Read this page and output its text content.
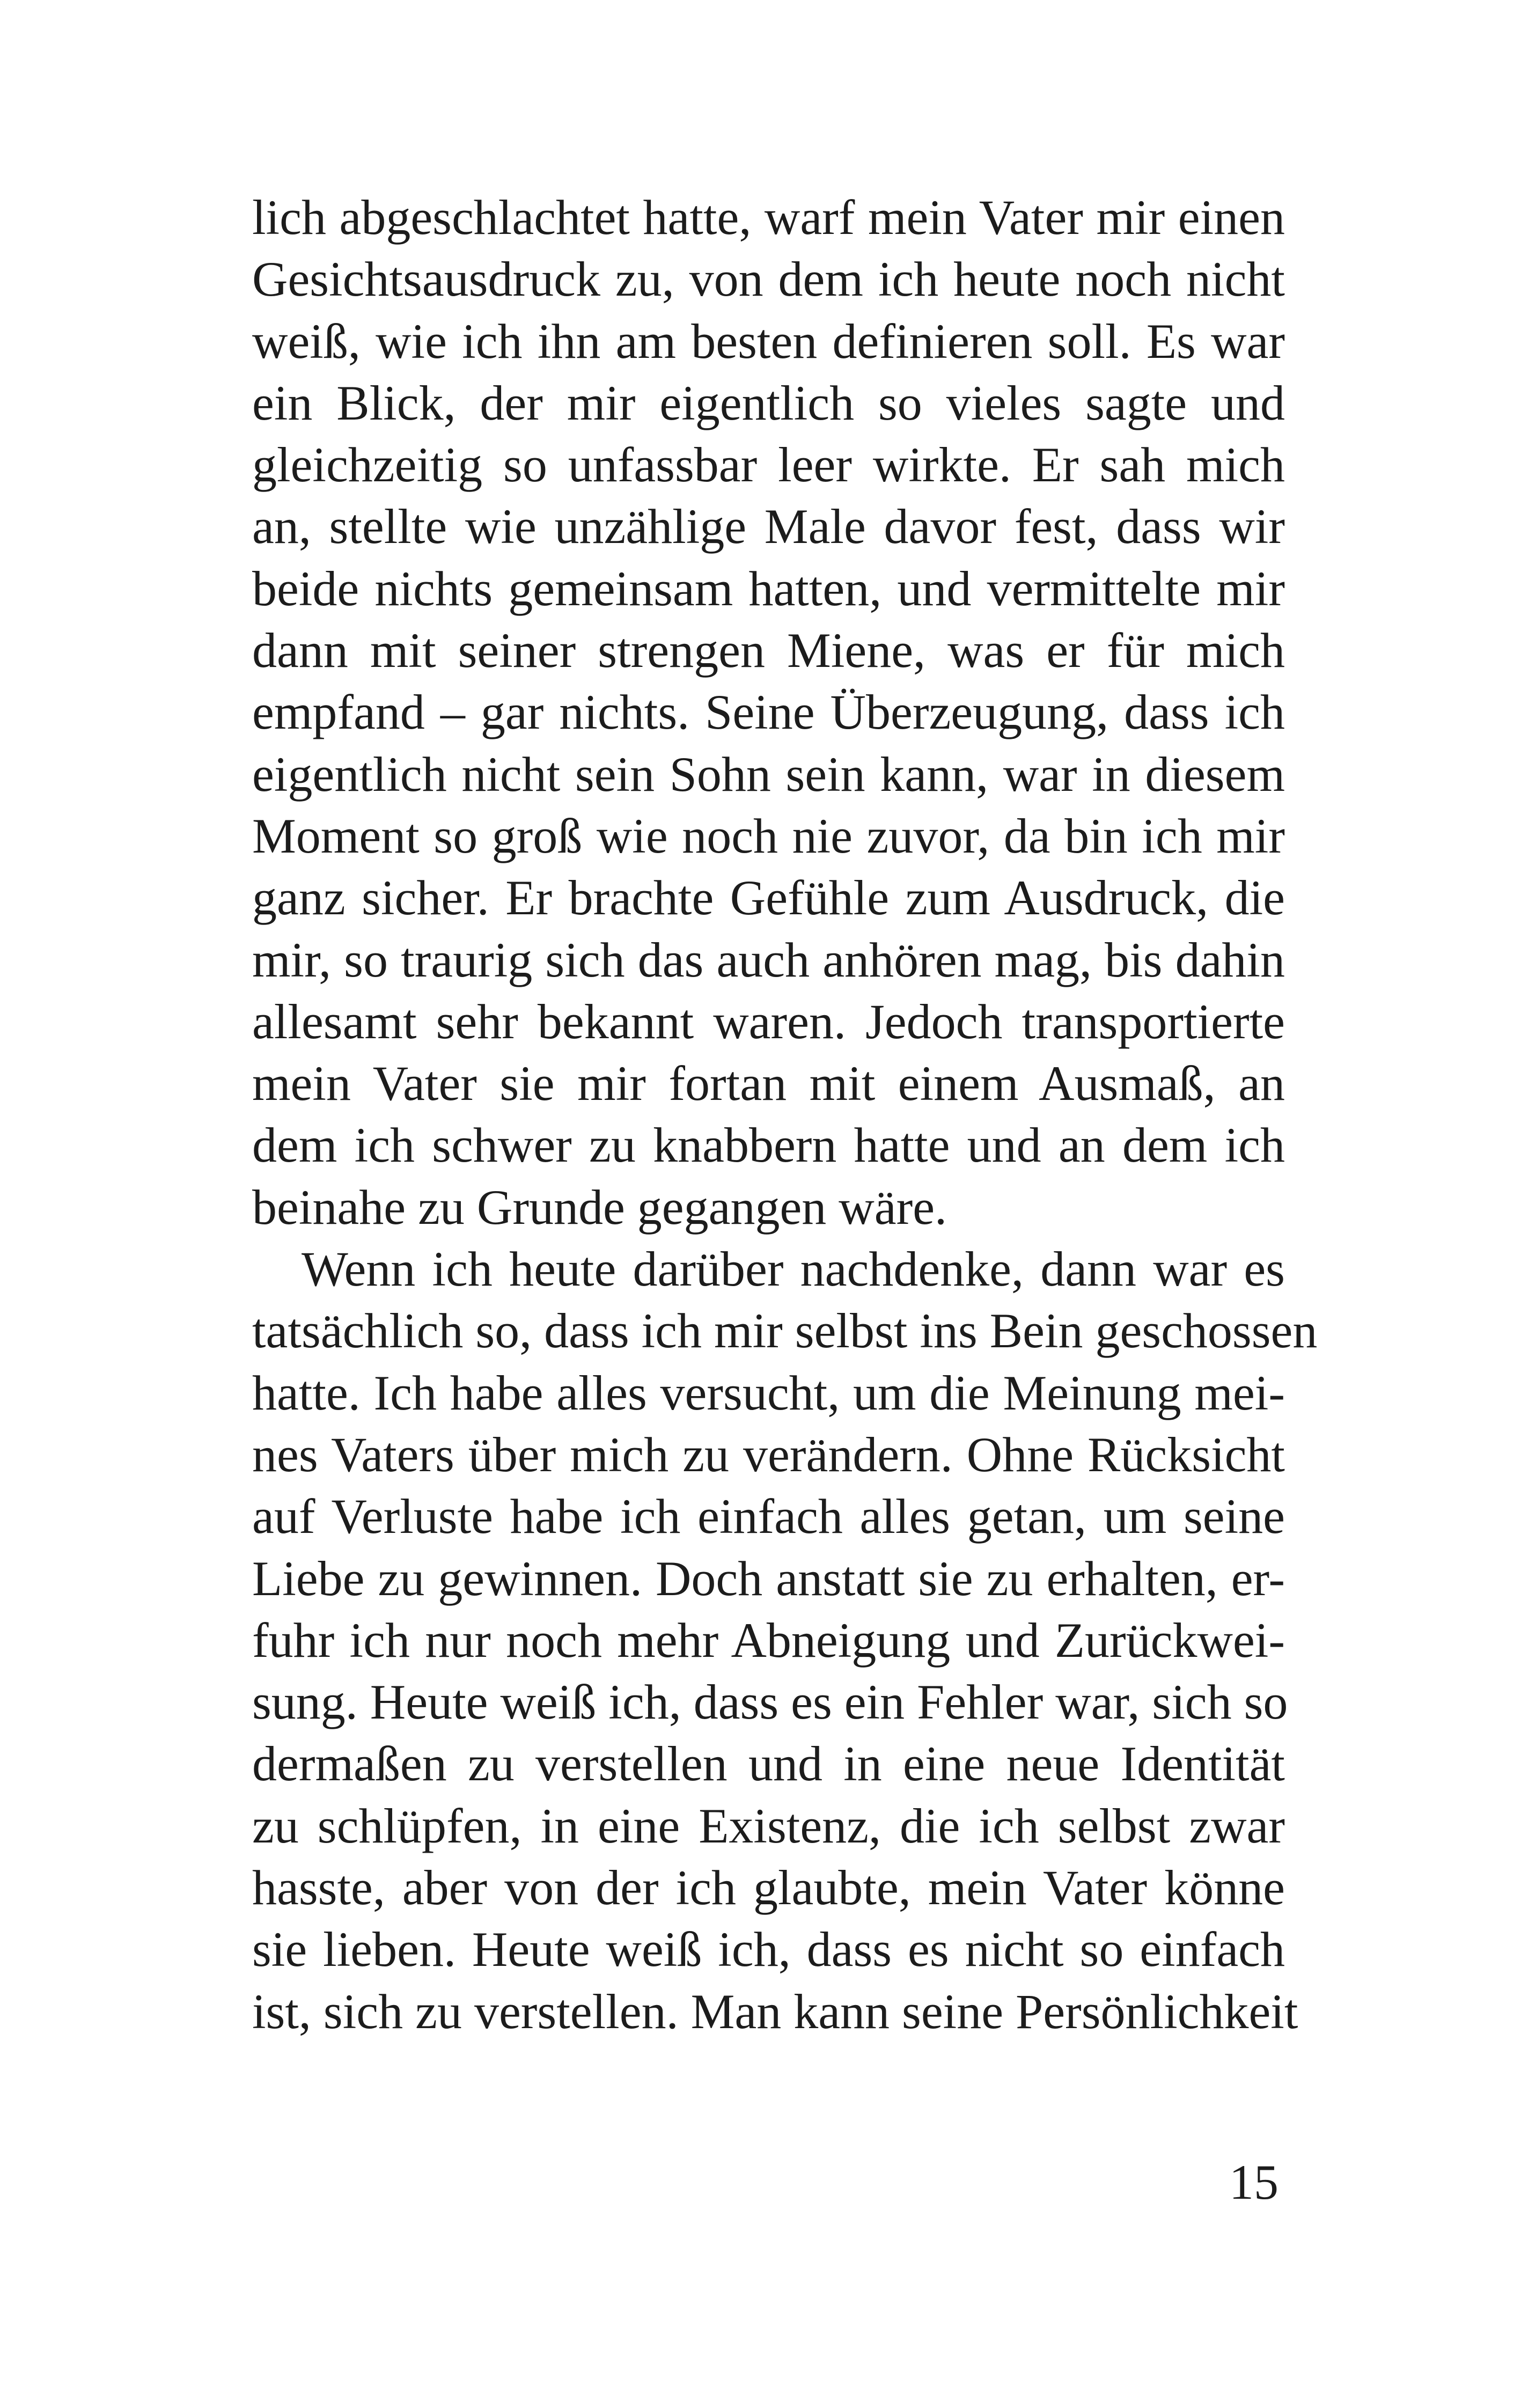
lich abgeschlachtet hatte, warf mein Vater mir einen
Gesichtsausdruck zu, von dem ich heute noch nicht
weiß, wie ich ihn am besten definieren soll. Es war
ein Blick, der mir eigentlich so vieles sagte und
gleichzeitig so unfassbar leer wirkte. Er sah mich
an, stellte wie unzählige Male davor fest, dass wir
beide nichts gemeinsam hatten, und vermittelte mir
dann mit seiner strengen Miene, was er für mich
empfand – gar nichts. Seine Überzeugung, dass ich
eigentlich nicht sein Sohn sein kann, war in diesem
Moment so groß wie noch nie zuvor, da bin ich mir
ganz sicher. Er brachte Gefühle zum Ausdruck, die
mir, so traurig sich das auch anhören mag, bis dahin
allesamt sehr bekannt waren. Jedoch transportierte
mein Vater sie mir fortan mit einem Ausmaß, an
dem ich schwer zu knabbern hatte und an dem ich
beinahe zu Grunde gegangen wäre.
Wenn ich heute darüber nachdenke, dann war es
tatsächlich so, dass ich mir selbst ins Bein geschossen
hatte. Ich habe alles versucht, um die Meinung mei-
nes Vaters über mich zu verändern. Ohne Rücksicht
auf Verluste habe ich einfach alles getan, um seine
Liebe zu gewinnen. Doch anstatt sie zu erhalten, er-
fuhr ich nur noch mehr Abneigung und Zurückwei-
sung. Heute weiß ich, dass es ein Fehler war, sich so
dermaßen zu verstellen und in eine neue Identität
zu schlüpfen, in eine Existenz, die ich selbst zwar
hasste, aber von der ich glaubte, mein Vater könne
sie lieben. Heute weiß ich, dass es nicht so einfach
ist, sich zu verstellen. Man kann seine Persönlichkeit
15
